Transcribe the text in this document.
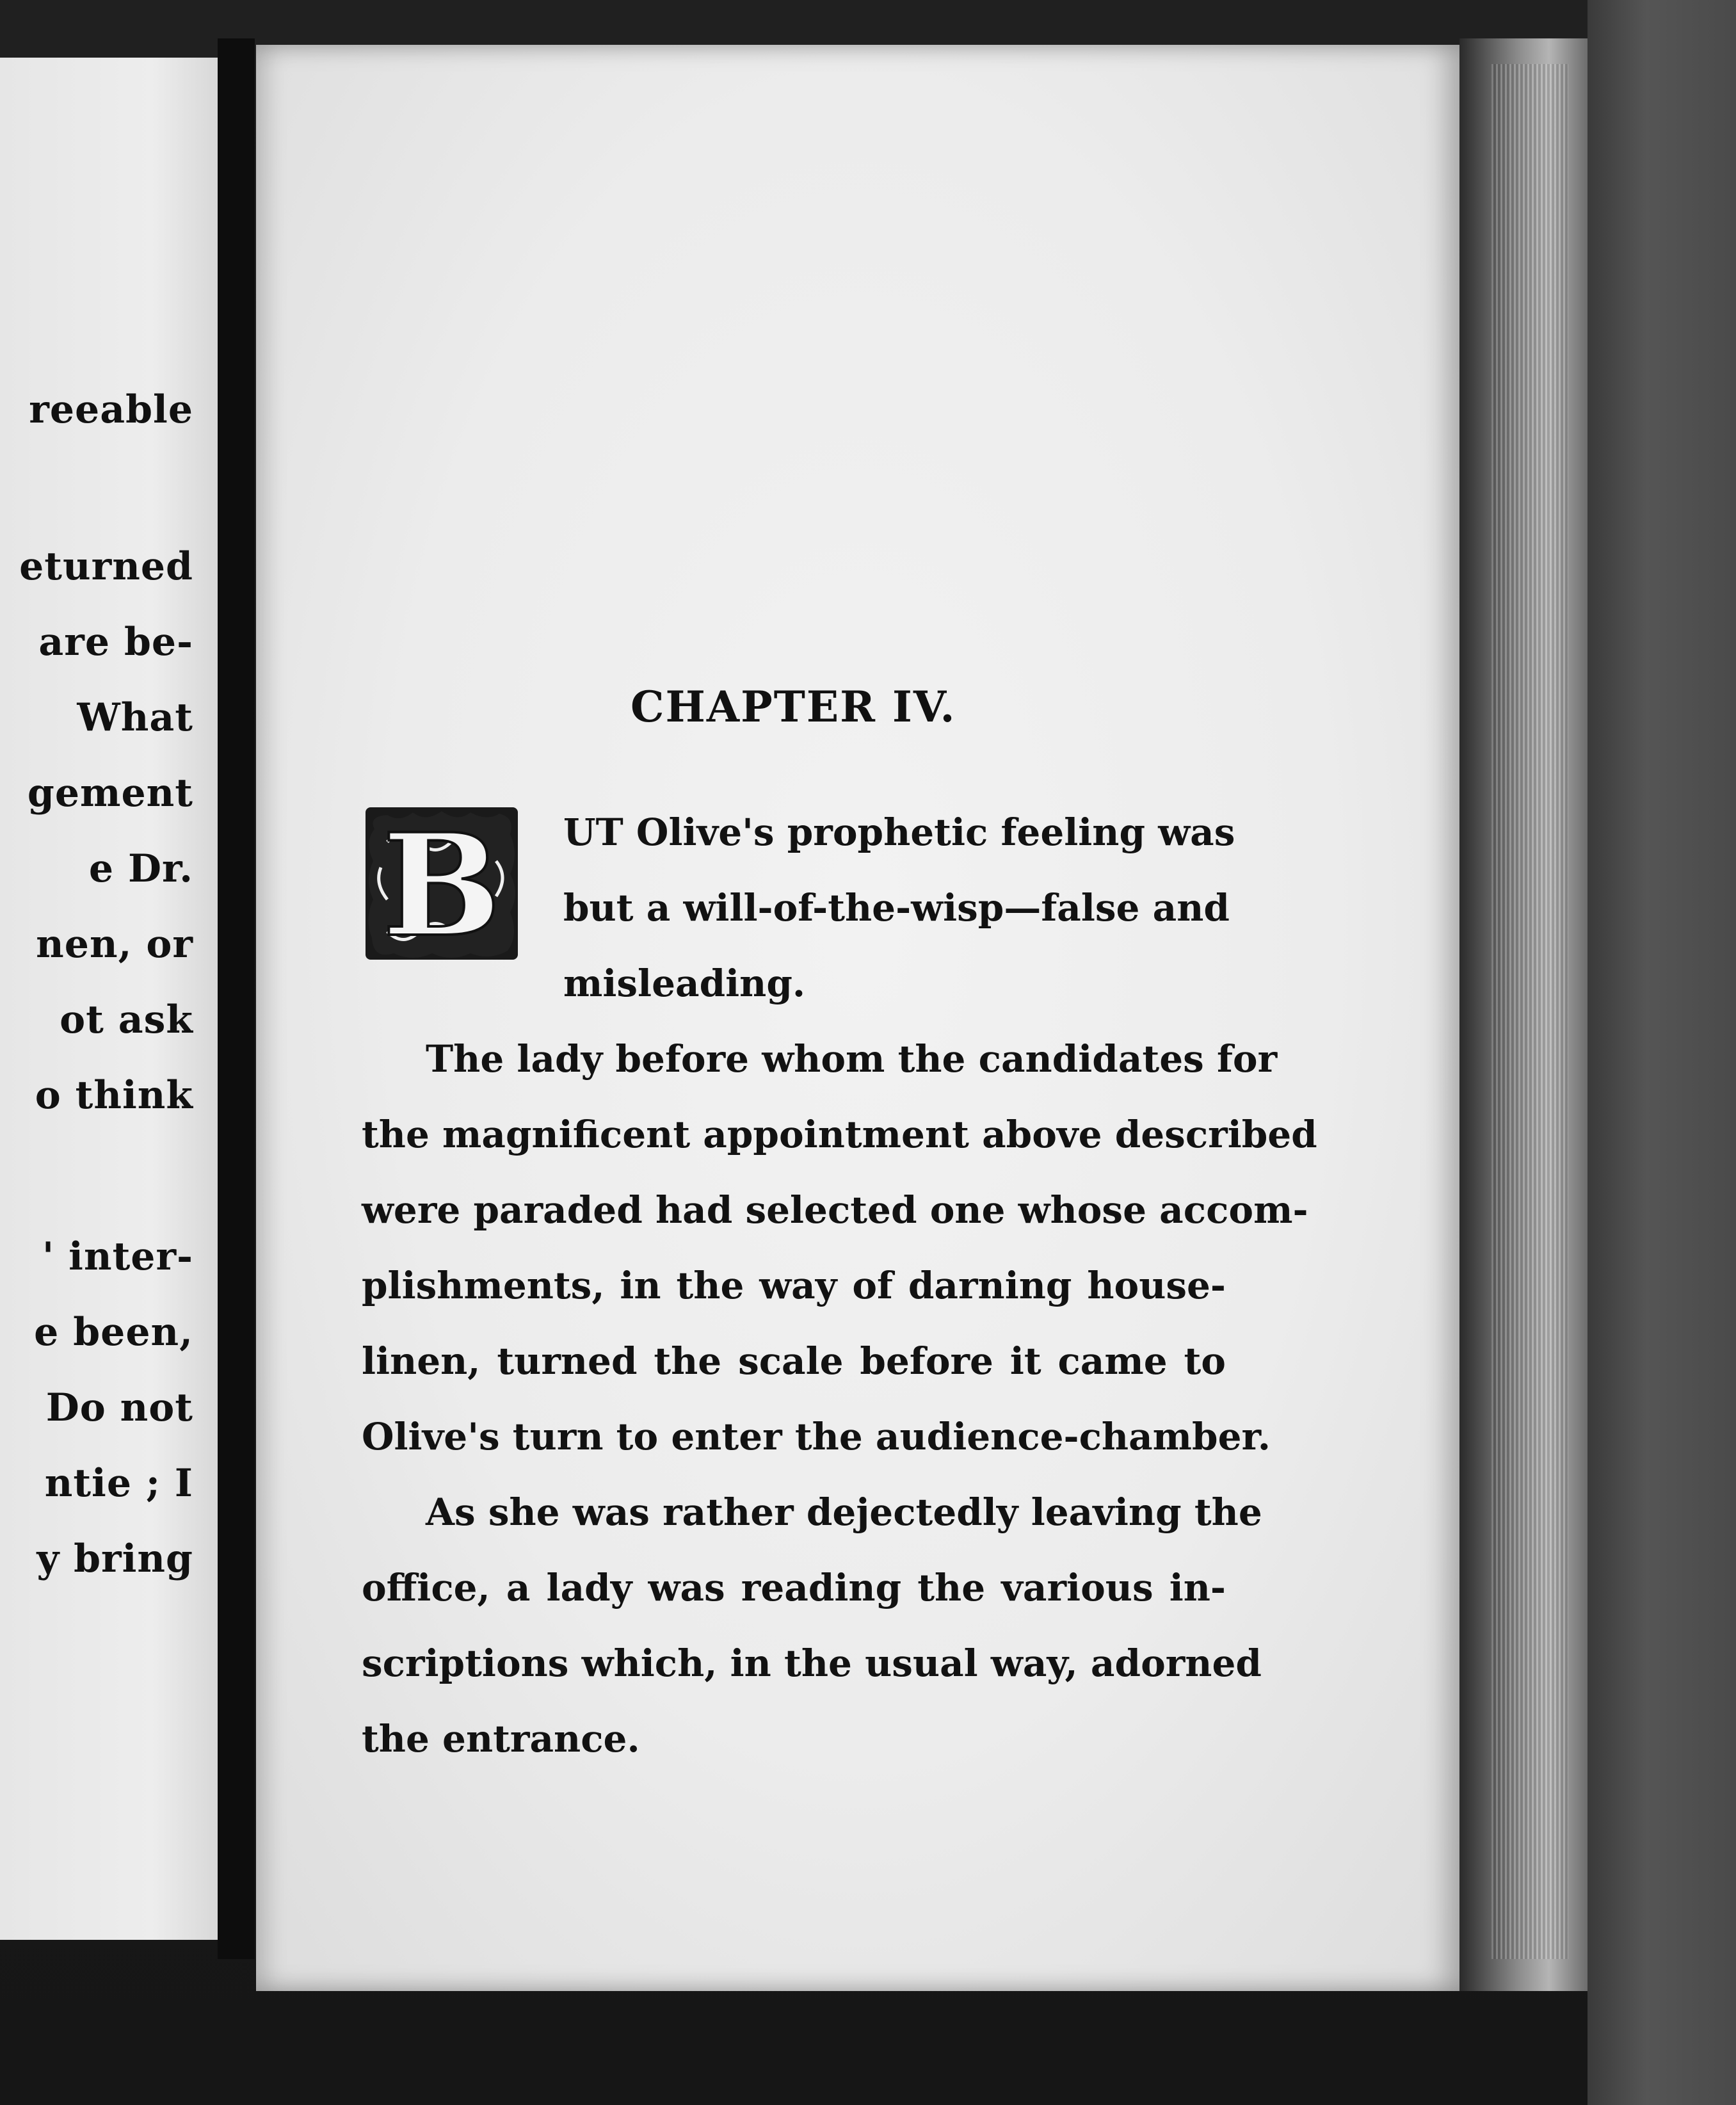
reeable
eturned
are be-
What
gement
e Dr.
nen, or
ot ask
o think
' inter-
e been,
Do not
ntie ; I
y bring
CHAPTER IV.
B UT Olive's prophetic feeling was
but a will-of-the-wisp—false and
misleading.
The lady before whom the candidates for
the magnificent appointment above described
were paraded had selected one whose accom-
plishments, in the way of darning house-
linen, turned the scale before it came to
Olive's turn to enter the audience-chamber.
As she was rather dejectedly leaving the
office, a lady was reading the various in-
scriptions which, in the usual way, adorned
the entrance.
